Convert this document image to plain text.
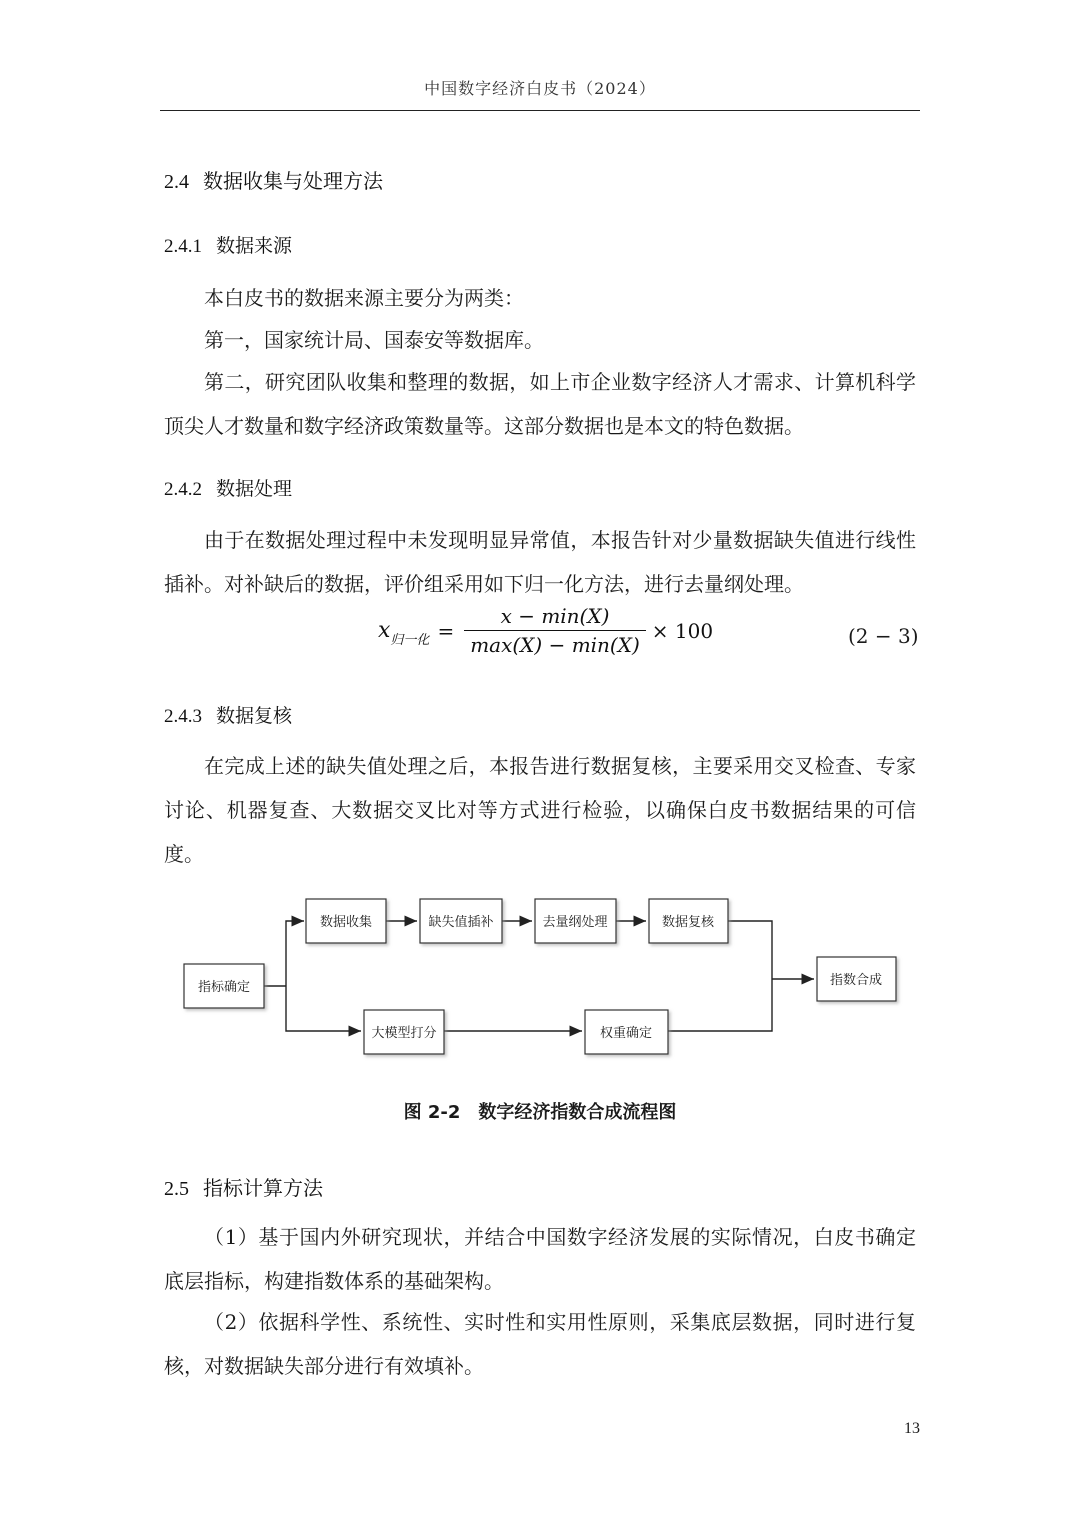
中国数字经济白皮书（2024）
2.4 数据收集与处理方法
2.4.1 数据来源
本白皮书的数据来源主要分为两类：
第一，国家统计局、国泰安等数据库。
第二，研究团队收集和整理的数据，如上市企业数字经济人才需求、计算机科学顶尖人才数量和数字经济政策数量等。这部分数据也是本文的特色数据。
2.4.2 数据处理
由于在数据处理过程中未发现明显异常值，本报告针对少量数据缺失值进行线性插补。对补缺后的数据，评价组采用如下归一化方法，进行去量纲处理。
x 归一化 =
x − min(X)
max(X) − min(X)
× 100	(2 − 3)
2.4.3 数据复核
在完成上述的缺失值处理之后，本报告进行数据复核，主要采用交叉检查、专家讨论、机器复查、大数据交叉比对等方式进行检验，以确保白皮书数据结果的可信度。
指标确定
数据收集	缺失值插补	去量纲处理	数据复核
大模型打分	权重确定
指数合成
图 2-2 数字经济指数合成流程图
2.5 指标计算方法
（1）基于国内外研究现状，并结合中国数字经济发展的实际情况，白皮书确定底层指标，构建指数体系的基础架构。
（2）依据科学性、系统性、实时性和实用性原则，采集底层数据，同时进行复核，对数据缺失部分进行有效填补。
13
